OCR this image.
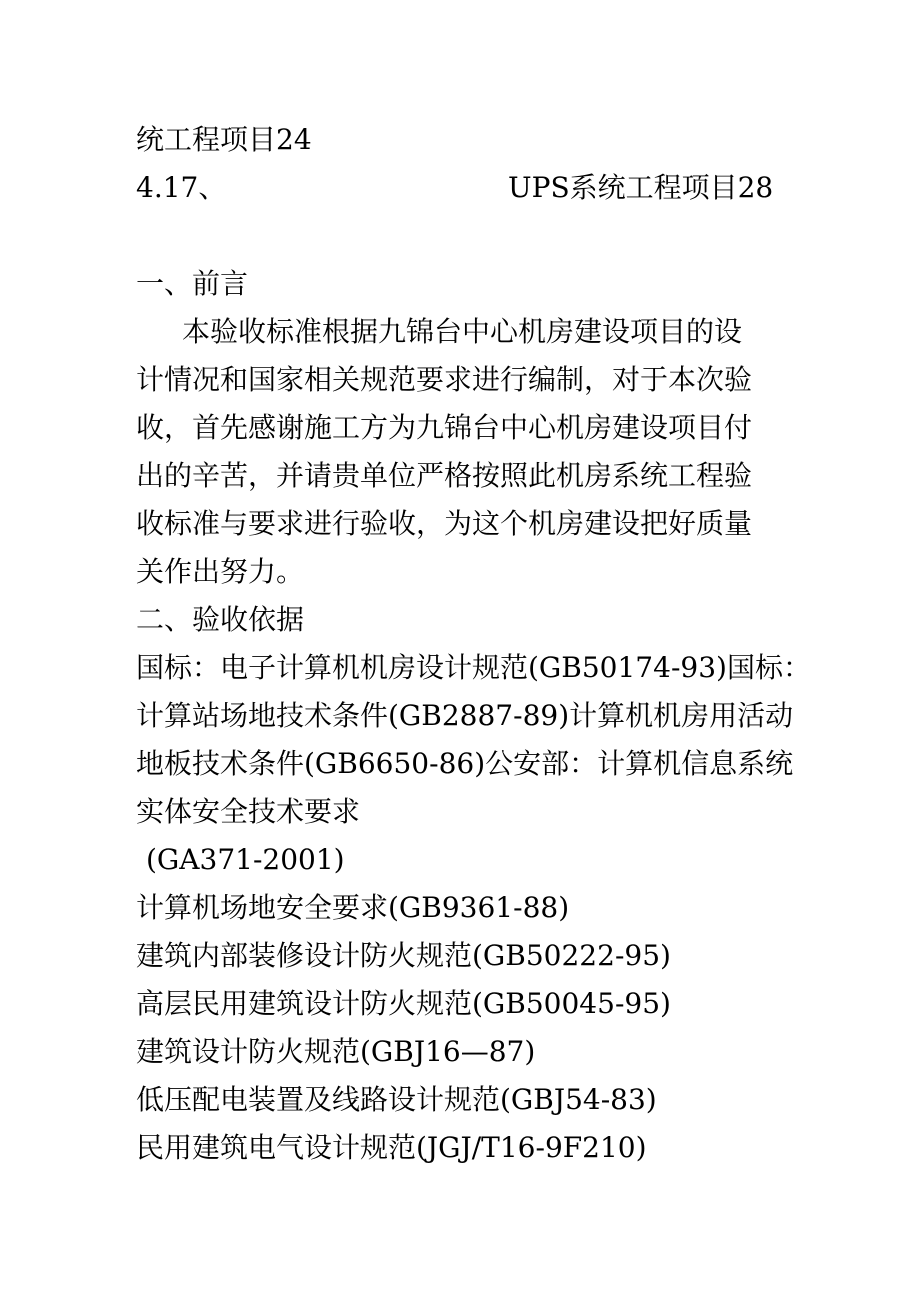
统工程项目24
4.17、	UPS系统工程项目28
一、前言
本验收标准根据九锦台中心机房建设项目的设
计情况和国家相关规范要求进行编制，对于本次验
收，首先感谢施工方为九锦台中心机房建设项目付
出的辛苦，并请贵单位严格按照此机房系统工程验
收标准与要求进行验收，为这个机房建设把好质量
关作出努力。
二、验收依据
国标：电子计算机机房设计规范(GB50174-93)国标：
计算站场地技术条件(GB2887-89)计算机机房用活动
地板技术条件(GB6650-86)公安部：计算机信息系统
实体安全技术要求
(GA371-2001)
计算机场地安全要求(GB9361-88)
建筑内部装修设计防火规范(GB50222-95)
高层民用建筑设计防火规范(GB50045-95)
建筑设计防火规范(GBJ16—87)
低压配电装置及线路设计规范(GBJ54-83)
民用建筑电气设计规范(JGJ/T16-9F210)
